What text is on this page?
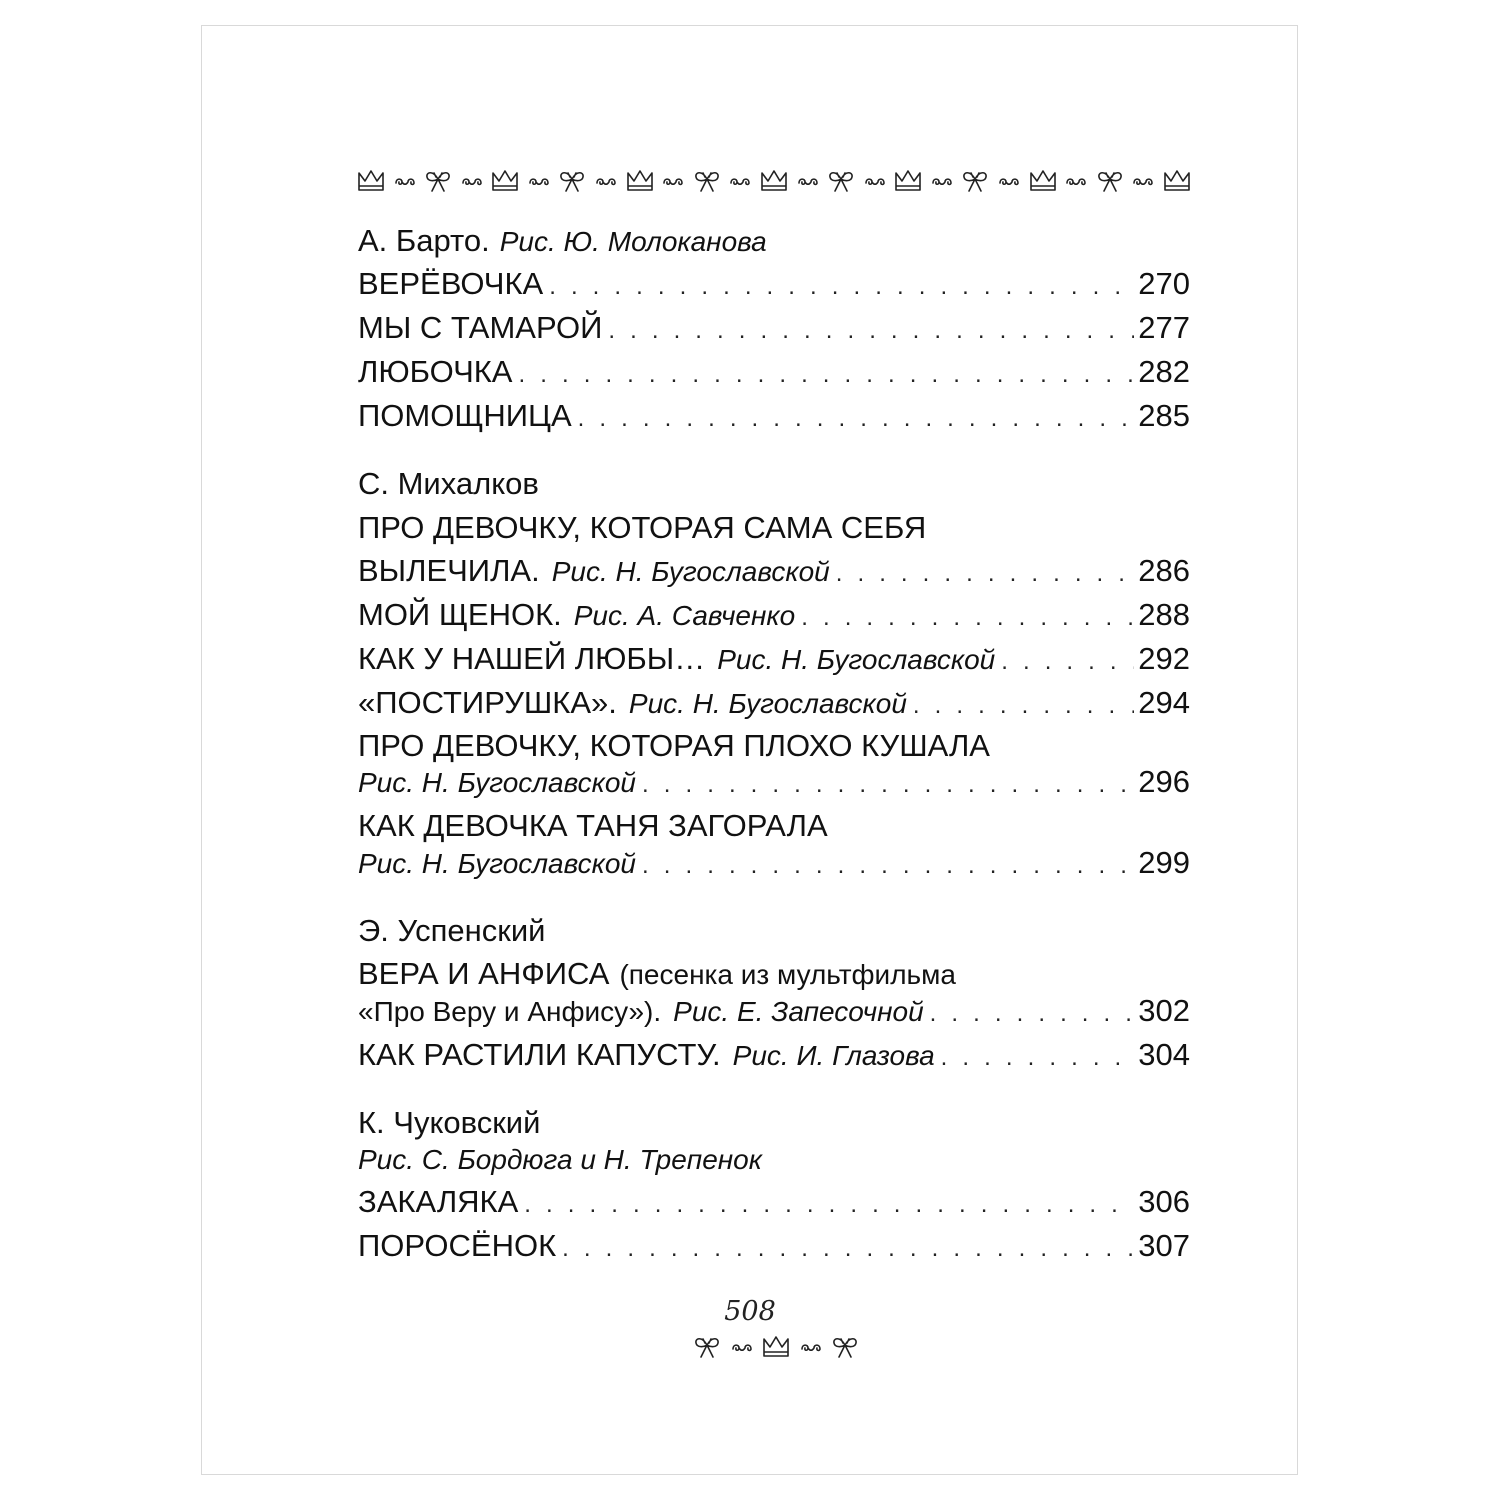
А. Барто. Рис. Ю. Молоканова
ВЕРЁВОЧКА . . .	270
МЫ С ТАМАРОЙ . . .	277
ЛЮБОЧКА . . .	282
ПОМОЩНИЦА . . .	285
С. Михалков
ПРО ДЕВОЧКУ, КОТОРАЯ САМА СЕБЯ
ВЫЛЕЧИЛА. Рис. Н. Бугославской . . .	286
МОЙ ЩЕНОК. Рис. А. Савченко . . .	288
КАК У НАШЕЙ ЛЮБЫ… Рис. Н. Бугославской . . .	292
«ПОСТИРУШКА». Рис. Н. Бугославской . . .	294
ПРО ДЕВОЧКУ, КОТОРАЯ ПЛОХО КУШАЛА
Рис. Н. Бугославской . . .	296
КАК ДЕВОЧКА ТАНЯ ЗАГОРАЛА
Рис. Н. Бугославской . . .	299
Э. Успенский
ВЕРА И АНФИСА (песенка из мультфильма
«Про Веру и Анфису»). Рис. Е. Запесочной . . .	302
КАК РАСТИЛИ КАПУСТУ. Рис. И. Глазова . . .	304
К. Чуковский
Рис. С. Бордюга и Н. Трепенок
ЗАКАЛЯКА . . .	306
ПОРОСЁНОК . . .	307
508
